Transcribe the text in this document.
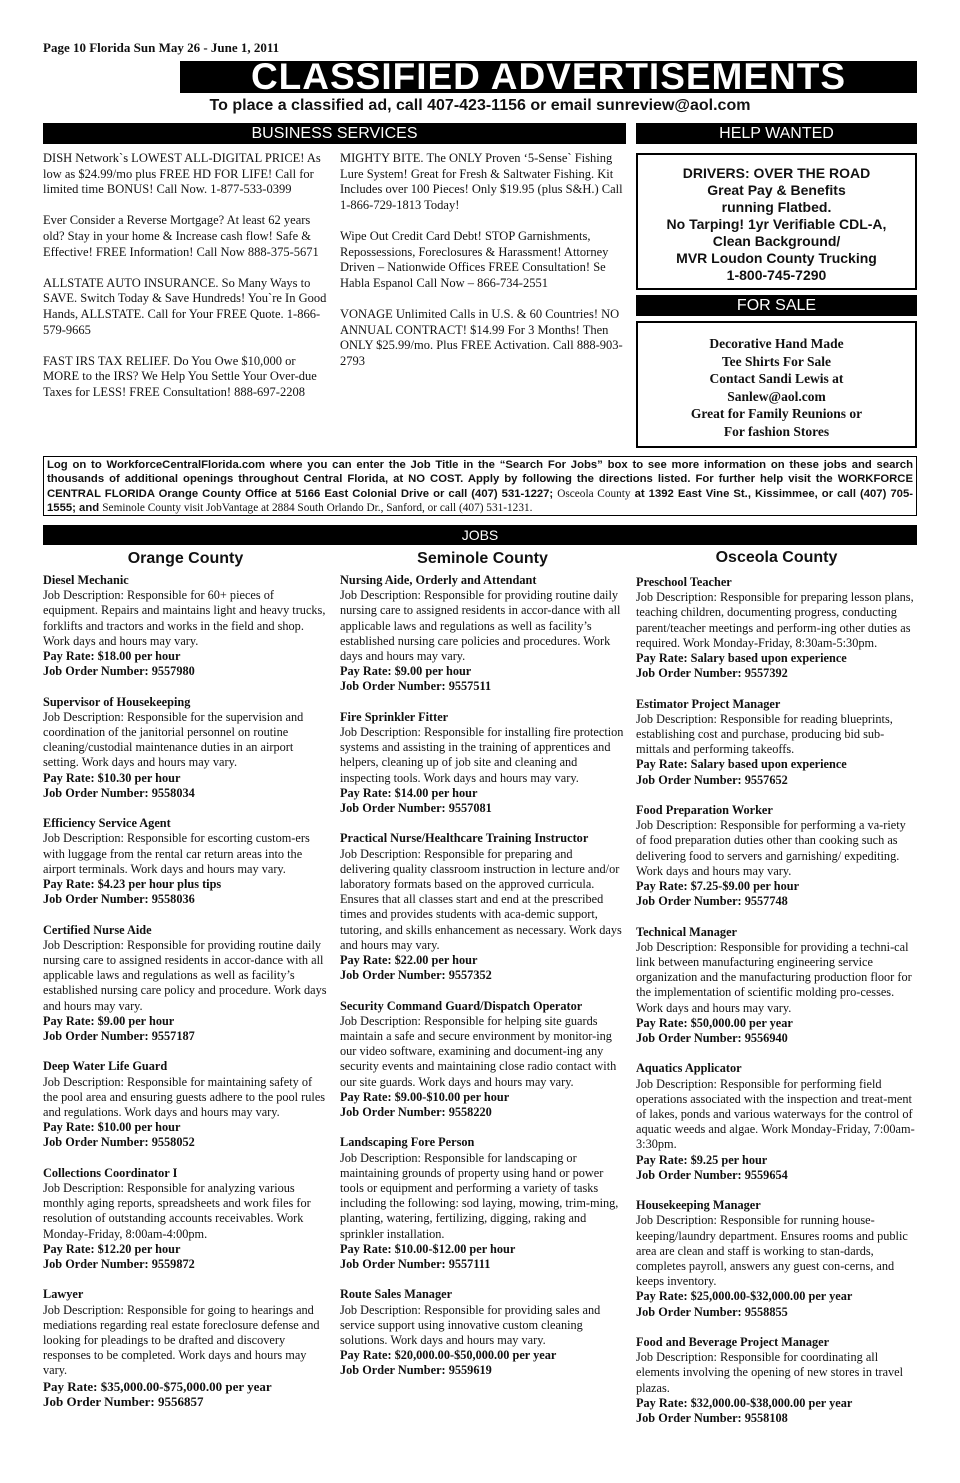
Page 10 Florida Sun May 26 - June 1, 2011
CLASSIFIED ADVERTISEMENTS
To place a classified ad, call 407-423-1156 or email sunreview@aol.com
BUSINESS SERVICES	HELP WANTED

DISH Network`s LOWEST ALL-DIGITAL PRICE! As low as $24.99/mo plus FREE HD FOR LIFE! Call for limited time BONUS! Call Now. 1-877-533-0399

Ever Consider a Reverse Mortgage? At least 62 years old? Stay in your home & Increase cash flow! Safe & Effective! FREE Information! Call Now 888-375-5671

ALLSTATE AUTO INSURANCE. So Many Ways to SAVE. Switch Today & Save Hundreds! You`re In Good Hands, ALLSTATE. Call for Your FREE Quote. 1-866-579-9665

FAST IRS TAX RELIEF. Do You Owe $10,000 or MORE to the IRS? We Help You Settle Your Over-due Taxes for LESS! FREE Consultation! 888-697-2208

MIGHTY BITE. The ONLY Proven ‘5-Sense` Fishing Lure System! Great for Fresh & Saltwater Fishing. Kit Includes over 100 Pieces! Only $19.95 (plus S&H.) Call 1-866-729-1813 Today!

Wipe Out Credit Card Debt! STOP Garnishments, Repossessions, Foreclosures & Harassment! Attorney Driven – Nationwide Offices FREE Consultation! Se Habla Espanol Call Now – 866-734-2551

VONAGE Unlimited Calls in U.S. & 60 Countries! NO ANNUAL CONTRACT! $14.99 For 3 Months! Then ONLY $25.99/mo. Plus FREE Activation. Call 888-903-2793

DRIVERS: OVER THE ROAD
Great Pay & Benefits
running Flatbed.
No Tarping! 1yr Verifiable CDL-A,
Clean Background/
MVR Loudon County Trucking
1-800-745-7290
FOR SALE
Decorative Hand Made
Tee Shirts For Sale
Contact Sandi Lewis at
Sanlew@aol.com
Great for Family Reunions or
For fashion Stores
Log on to WorkforceCentralFlorida.com where you can enter the Job Title in the “Search For Jobs” box to see more information on these jobs and search thousands of additional openings throughout Central Florida, at NO COST. Apply by following the directions listed. For further help visit the WORKFORCE CENTRAL FLORIDA Orange County Office at 5166 East Colonial Drive or call (407) 531-1227; Osceola County at 1392 East Vine St., Kissimmee, or call (407) 705-1555; and Seminole County visit JobVantage at 2884 South Orlando Dr., Sanford, or call (407) 531-1231.
JOBS
Orange County	Seminole County	Osceola County
Diesel Mechanic
Job Description: Responsible for 60+ pieces of equipment. Repairs and maintains light and heavy trucks, forklifts and tractors and works in the field and shop. Work days and hours may vary.
Pay Rate: $18.00 per hour
Job Order Number: 9557980
Supervisor of Housekeeping
Job Description: Responsible for the supervision and coordination of the janitorial personnel on routine cleaning/custodial maintenance duties in an airport setting. Work days and hours may vary.
Pay Rate: $10.30 per hour
Job Order Number: 9558034
Efficiency Service Agent
Job Description: Responsible for escorting custom-ers with luggage from the rental car return areas into the airport terminals. Work days and hours may vary.
Pay Rate: $4.23 per hour plus tips
Job Order Number: 9558036
Certified Nurse Aide
Job Description: Responsible for providing routine daily nursing care to assigned residents in accor-dance with all applicable laws and regulations as well as facility’s established nursing care policy and procedure. Work days and hours may vary.
Pay Rate: $9.00 per hour
Job Order Number: 9557187
Deep Water Life Guard
Job Description: Responsible for maintaining safety of the pool area and ensuring guests adhere to the pool rules and regulations. Work days and hours may vary.
Pay Rate: $10.00 per hour
Job Order Number: 9558052
Collections Coordinator I
Job Description: Responsible for analyzing various monthly aging reports, spreadsheets and work files for resolution of outstanding accounts receivables. Work Monday-Friday, 8:00am-4:00pm.
Pay Rate: $12.20 per hour
Job Order Number: 9559872
Lawyer
Job Description: Responsible for going to hearings and mediations regarding real estate foreclosure defense and looking for pleadings to be drafted and discovery responses to be completed. Work days and hours may vary.
Pay Rate: $35,000.00-$75,000.00 per year
Job Order Number: 9556857
Nursing Aide, Orderly and Attendant
Job Description: Responsible for providing routine daily nursing care to assigned residents in accor-dance with all applicable laws and regulations as well as facility’s established nursing care policies and procedures. Work days and hours may vary.
Pay Rate: $9.00 per hour
Job Order Number: 9557511
Fire Sprinkler Fitter
Job Description: Responsible for installing fire protection systems and assisting in the training of apprentices and helpers, cleaning up of job site and cleaning and inspecting tools. Work days and hours may vary.
Pay Rate: $14.00 per hour
Job Order Number: 9557081
Practical Nurse/Healthcare Training Instructor
Job Description: Responsible for preparing and delivering quality classroom instruction in lecture and/or laboratory formats based on the approved curricula. Ensures that all classes start and end at the prescribed times and provides students with aca-demic support, tutoring, and skills enhancement as necessary. Work days and hours may vary.
Pay Rate: $22.00 per hour
Job Order Number: 9557352
Security Command Guard/Dispatch Operator
Job Description: Responsible for helping site guards maintain a safe and secure environment by monitor-ing our video software, examining and document-ing any security events and maintaining close radio contact with our site guards. Work days and hours may vary.
Pay Rate: $9.00-$10.00 per hour
Job Order Number: 9558220
Landscaping Fore Person
Job Description: Responsible for landscaping or maintaining grounds of property using hand or power tools or equipment and performing a variety of tasks including the following: sod laying, mowing, trim-ming, planting, watering, fertilizing, digging, raking and sprinkler installation.
Pay Rate: $10.00-$12.00 per hour
Job Order Number: 9557111
Route Sales Manager
Job Description: Responsible for providing sales and service support using innovative custom cleaning solutions. Work days and hours may vary.
Pay Rate: $20,000.00-$50,000.00 per year
Job Order Number: 9559619
Preschool Teacher
Job Description: Responsible for preparing lesson plans, teaching children, documenting progress, conducting parent/teacher meetings and perform-ing other duties as required. Work Monday-Friday, 8:30am-5:30pm.
Pay Rate: Salary based upon experience
Job Order Number: 9557392
Estimator Project Manager
Job Description: Responsible for reading blueprints, establishing cost and purchase, producing bid sub-mittals and performing takeoffs.
Pay Rate: Salary based upon experience
Job Order Number: 9557652
Food Preparation Worker
Job Description: Responsible for performing a va-riety of food preparation duties other than cooking such as delivering food to servers and garnishing/ expediting. Work days and hours may vary.
Pay Rate: $7.25-$9.00 per hour
Job Order Number: 9557748
Technical Manager
Job Description: Responsible for providing a techni-cal link between manufacturing engineering service organization and the manufacturing production floor for the implementation of scientific molding pro-cesses. Work days and hours may vary.
Pay Rate: $50,000.00 per year
Job Order Number: 9556940
Aquatics Applicator
Job Description: Responsible for performing field operations associated with the inspection and treat-ment of lakes, ponds and various waterways for the control of aquatic weeds and algae. Work Monday-Friday, 7:00am-3:30pm.
Pay Rate: $9.25 per hour
Job Order Number: 9559654
Housekeeping Manager
Job Description: Responsible for running house-keeping/laundry department. Ensures rooms and public area are clean and staff is working to stan-dards, completes payroll, answers any guest con-cerns, and keeps inventory.
Pay Rate: $25,000.00-$32,000.00 per year
Job Order Number: 9558855
Food and Beverage Project Manager
Job Description: Responsible for coordinating all elements involving the opening of new stores in travel plazas.
Pay Rate: $32,000.00-$38,000.00 per year
Job Order Number: 9558108
